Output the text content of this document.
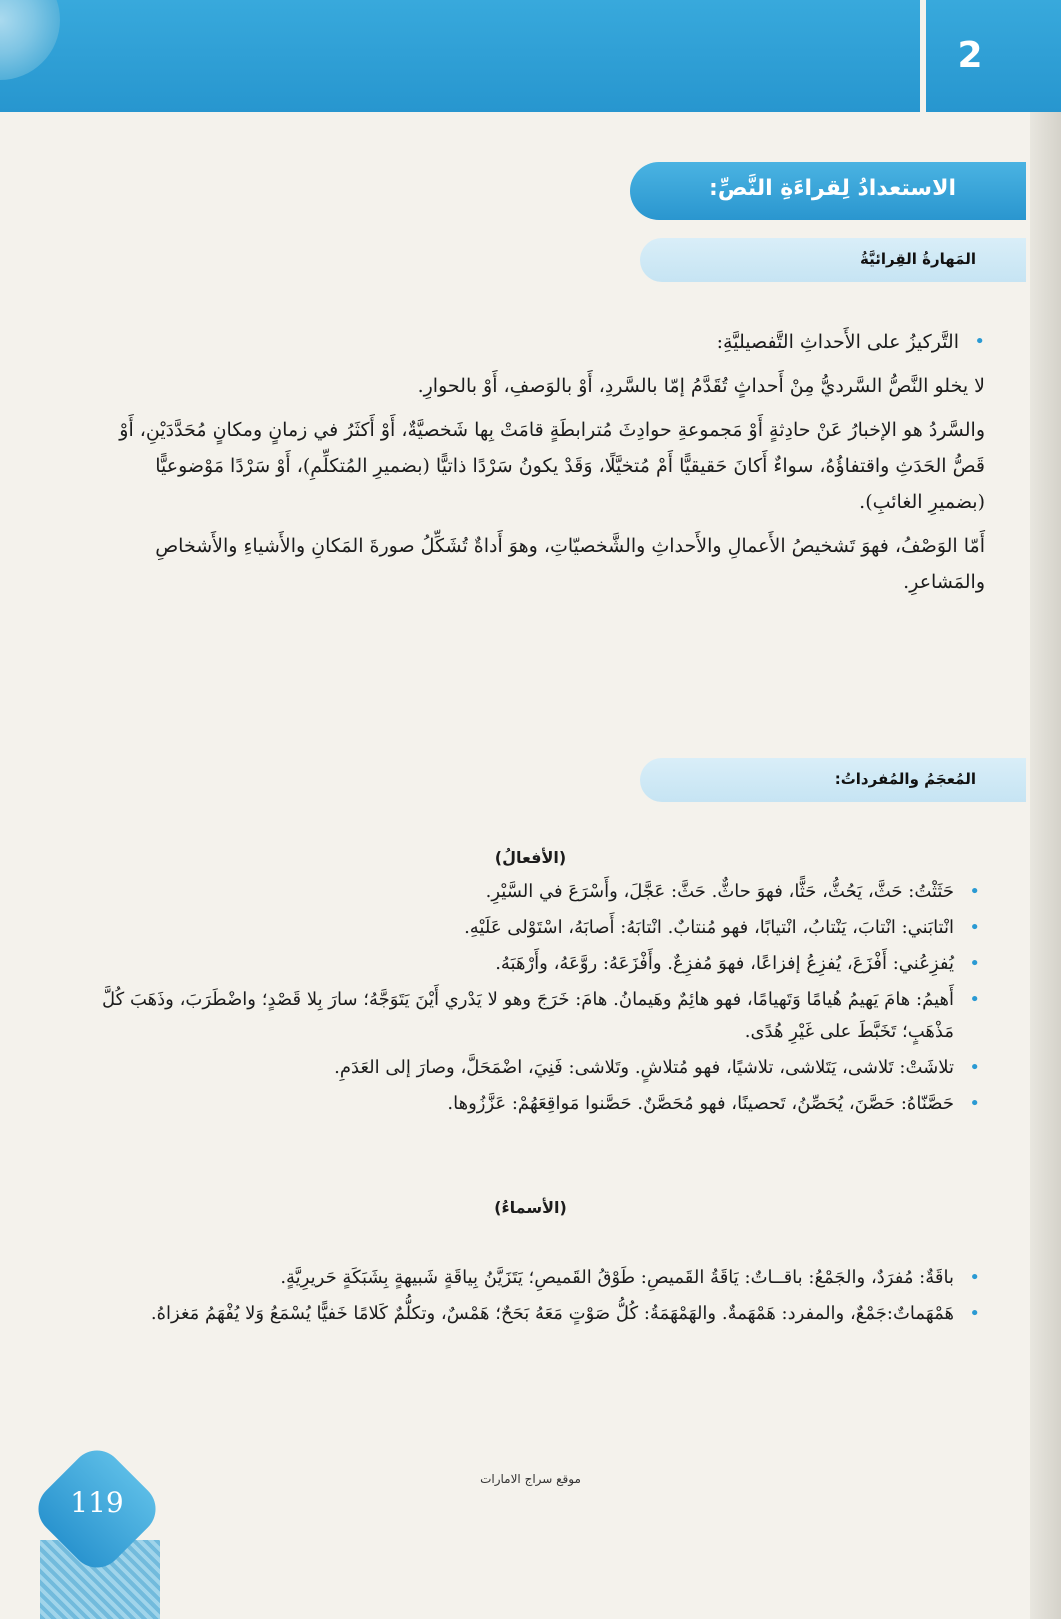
2
الاستعدادُ لِقراءَةِ النَّصِّ:
المَهارةُ القِرائيَّةُ

•
التَّركيزُ على الأَحداثِ التَّفصيليَّةِ:

لا يخلو النَّصُّ السَّرديُّ مِنْ أَحداثٍ تُقَدَّمُ إمّا بالسَّردِ، أَوْ بالوَصفِ، أَوْ بالحوارِ.

والسَّردُ هو الإخبارُ عَنْ حادِثةٍ أَوْ مَجموعةِ حوادِثَ مُترابطَةٍ قامَتْ بِها شَخصيَّةٌ، أَوْ أَكثَرُ في زمانٍ ومكانٍ مُحَدَّدَيْنِ، أَوْ قَصُّ الحَدَثِ واقتفاؤُهُ، سواءٌ أَكانَ حَقيقيًّا أَمْ مُتخيَّلًا، وَقَدْ يكونُ سَرْدًا ذاتيًّا (بضميرِ المُتكلِّمِ)، أَوْ سَرْدًا مَوْضوعيًّا (بضميرِ الغائبِ).

أَمّا الوَصْفُ، فهوَ تَشخيصُ الأَعمالِ والأَحداثِ والشَّخصيّاتِ، وهوَ أَداةٌ تُشَكِّلُ صورةَ المَكانِ والأَشياءِ والأَشخاصِ والمَشاعرِ.

المُعجَمُ والمُفرداتُ:
(الأفعالُ)
•
حَثَثْتُ: حَثَّ، يَحُثُّ، حَثًّا، فهوَ حاثٌّ. حَثَّ: عَجَّلَ، وأَسْرَعَ في السَّيْرِ.
•
انْتابَني: انْتابَ، يَنْتابُ، انْتيابًا، فهو مُنتابٌ. انْتابَهُ: أَصابَهُ، اسْتَوْلى عَلَيْهِ.
•
يُفزِعُني: أَفْزَعَ، يُفزِعُ إفزاعًا، فهوَ مُفزِعٌ. وأَفْزَعَهُ: روَّعَهُ، وأَرْهَبَهُ.
•
أَهيمُ: هامَ يَهيمُ هُيامًا وَتَهيامًا، فهو هائِمٌ وهَيمانُ. هامَ: خَرَجَ وهو لا يَدْري أَيْنَ يَتَوَجَّهُ؛ سارَ بِلا قَصْدٍ؛ واضْطَرَبَ، وذَهَبَ كُلَّ مَذْهَبٍ؛ تَخَبَّطَ على غَيْرِ هُدًى.
•
تلاشَتْ: تَلاشى، يَتَلاشى، تلاشيًا، فهو مُتلاشٍ. وتَلاشى: فَنِيَ، اضْمَحَلَّ، وصارَ إلى العَدَمِ.
•
حَصَّنّاهُ: حَصَّنَ، يُحَصِّنُ، تَحصينًا، فهو مُحَصَّنٌ. حَصَّنوا مَواقِعَهُمْ: عَزَّزُوها.
(الأسماءُ)
•
باقَةٌ: مُفرَدٌ، والجَمْعُ: باقــاتٌ: يَاقَةُ القَميصِ: طَوْقُ القَميصِ؛ يَتَزَيَّنُ بِياقَةٍ شَبيهةٍ بِشَبَكَةٍ حَريرِيَّةٍ.
•
هَمْهَماتٌ:جَمْعٌ، والمفرد: هَمْهَمةٌ. والهَمْهَمَةُ: كُلُّ صَوْتٍ مَعَهُ بَحَحٌ؛ هَمْسٌ، وتكلُّمٌ كَلامًا خَفيًّا يُسْمَعُ وَلا يُفْهَمُ مَغزاهُ.
موقع سراج الامارات
119
